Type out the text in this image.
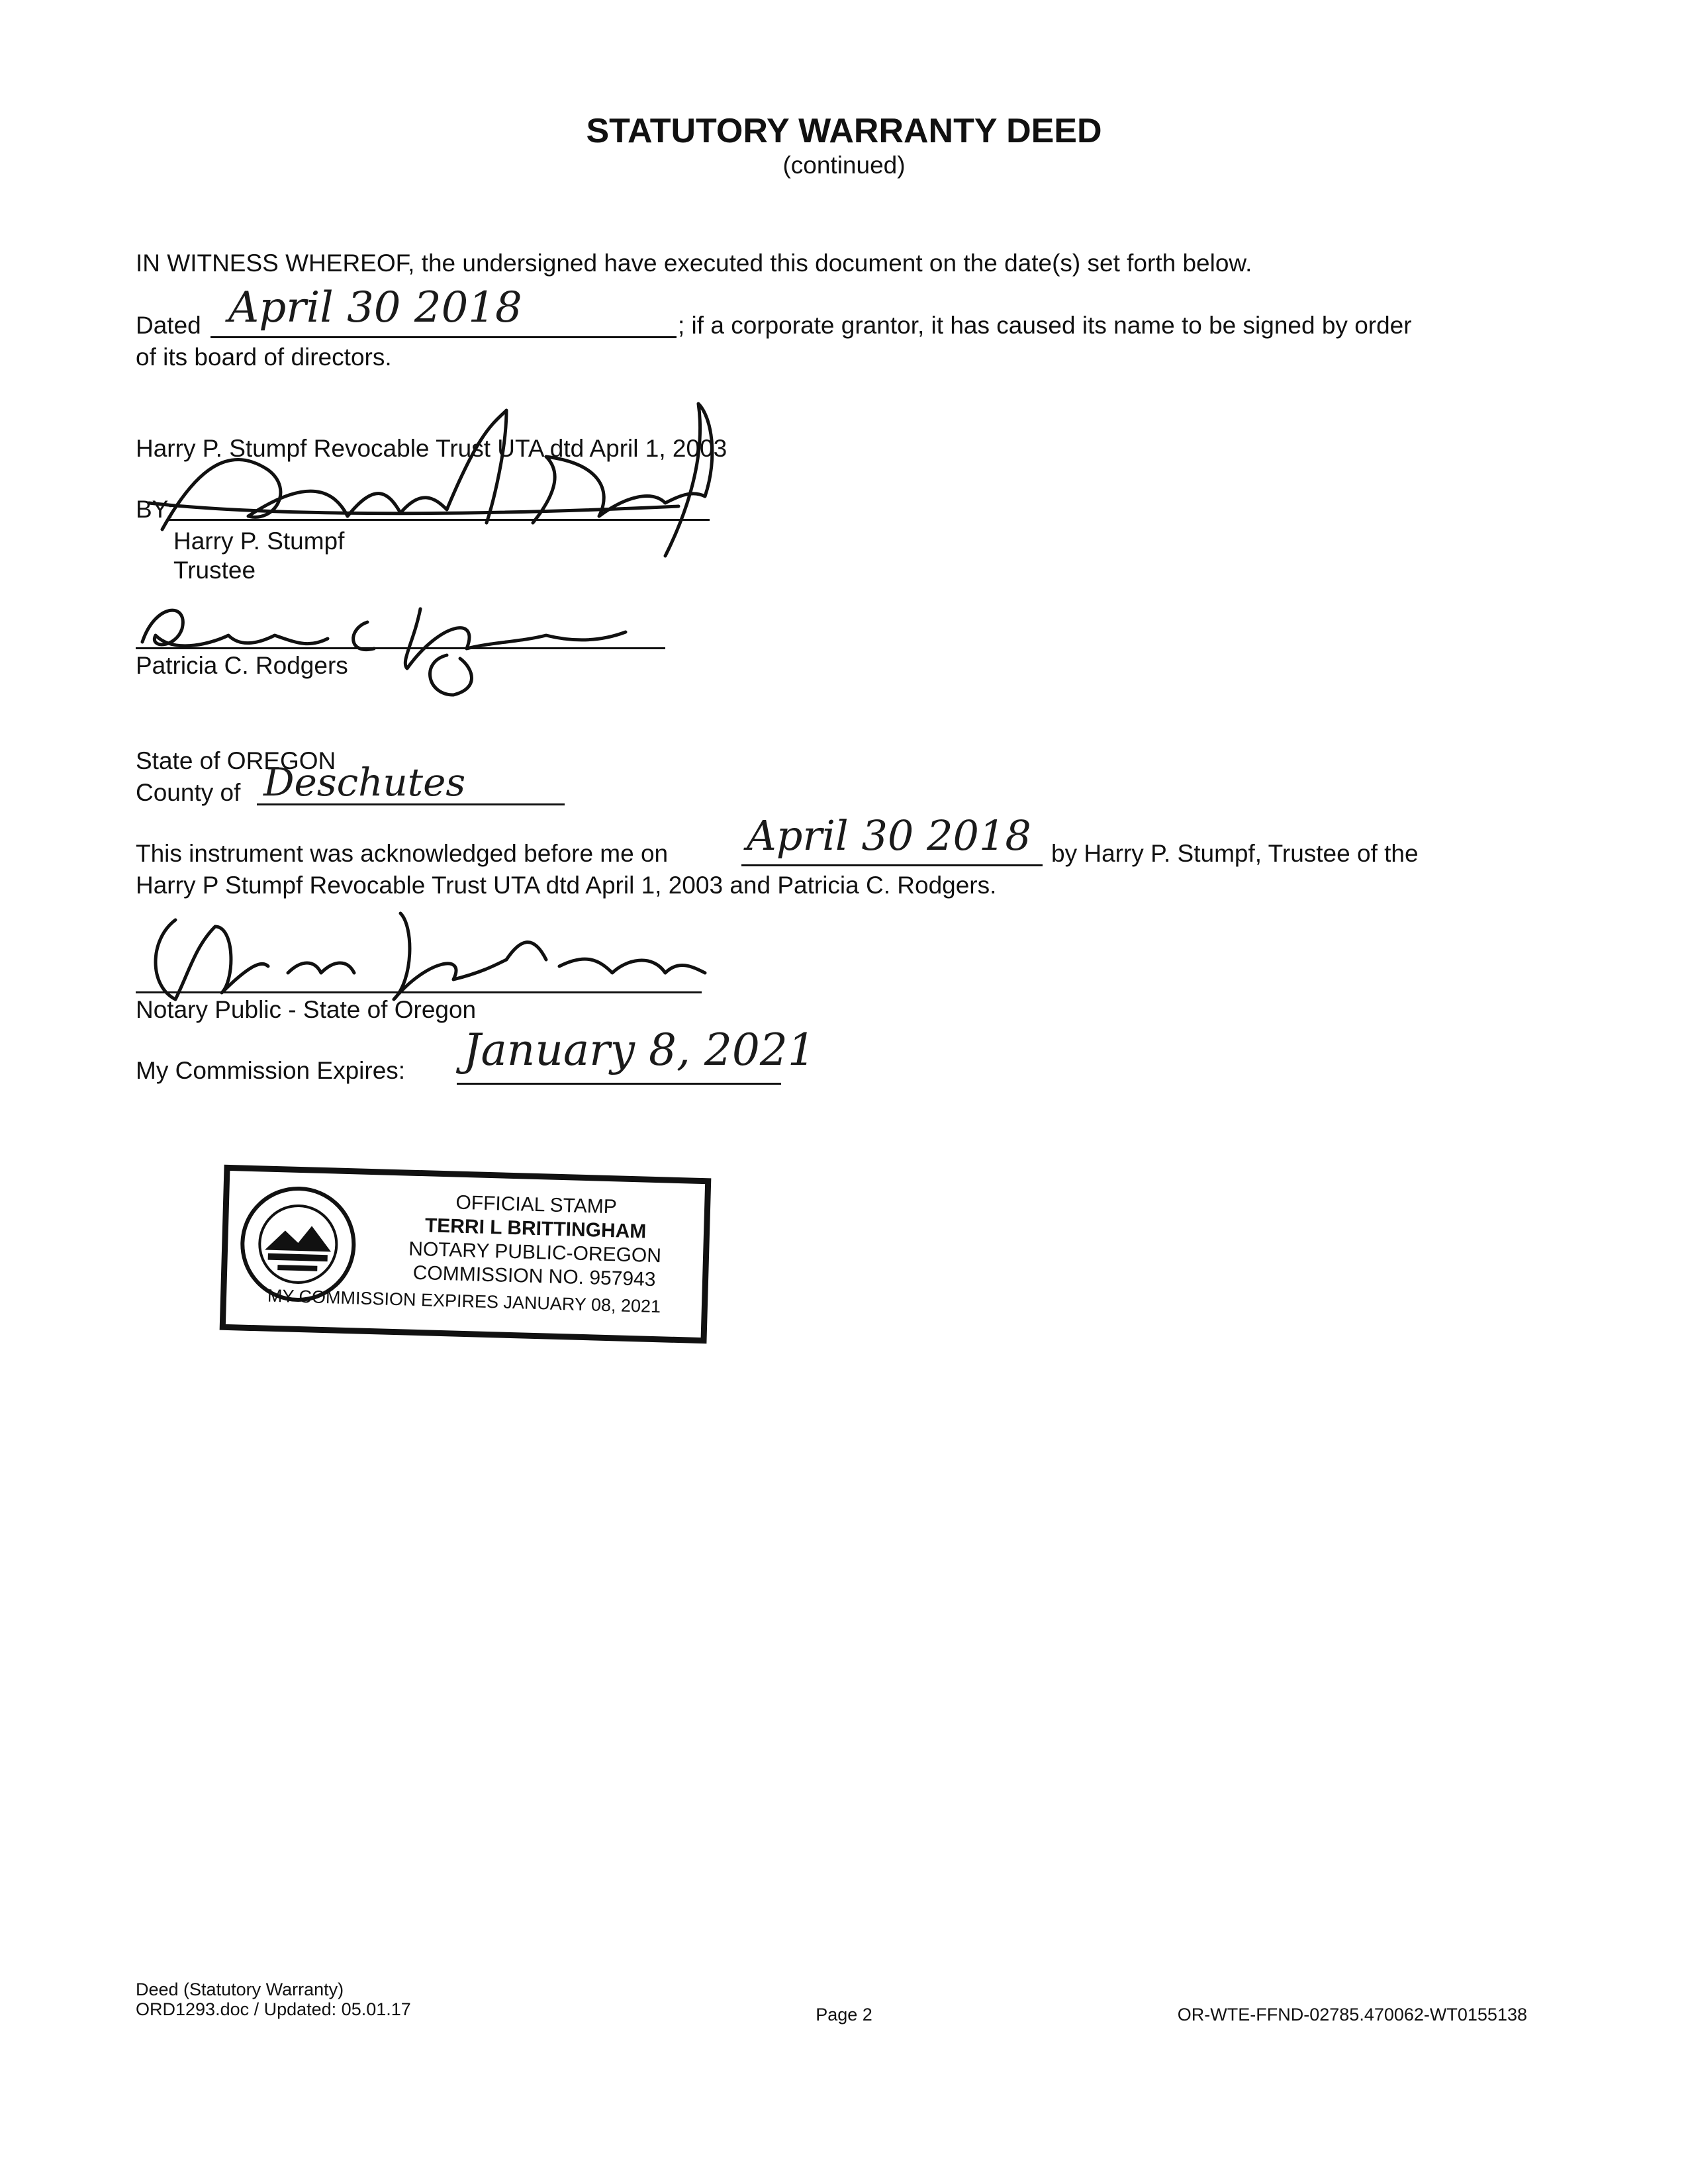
STATUTORY WARRANTY DEED
(continued)
IN WITNESS WHEREOF, the undersigned have executed this document on the date(s) set forth below.
Dated April 30 2018	; if a corporate grantor, it has caused its name to be signed by order
of its board of directors.
Harry P. Stumpf Revocable Trust UTA dtd April 1, 2003
BY:
Harry P. Stumpf
Trustee
Patricia C. Rodgers
State of OREGON
County of Deschutes
This instrument was acknowledged before me on April 30 2018 by Harry P. Stumpf, Trustee of the
Harry P Stumpf Revocable Trust UTA dtd April 1, 2003 and Patricia C. Rodgers.
Notary Public - State of Oregon
My Commission Expires: January 8, 2021
OFFICIAL STAMP
TERRI L BRITTINGHAM
NOTARY PUBLIC-OREGON
COMMISSION NO. 957943
MY COMMISSION EXPIRES JANUARY 08, 2021
Deed (Statutory Warranty)
ORD1293.doc / Updated: 05.01.17	Page 2	OR-WTE-FFND-02785.470062-WT0155138
